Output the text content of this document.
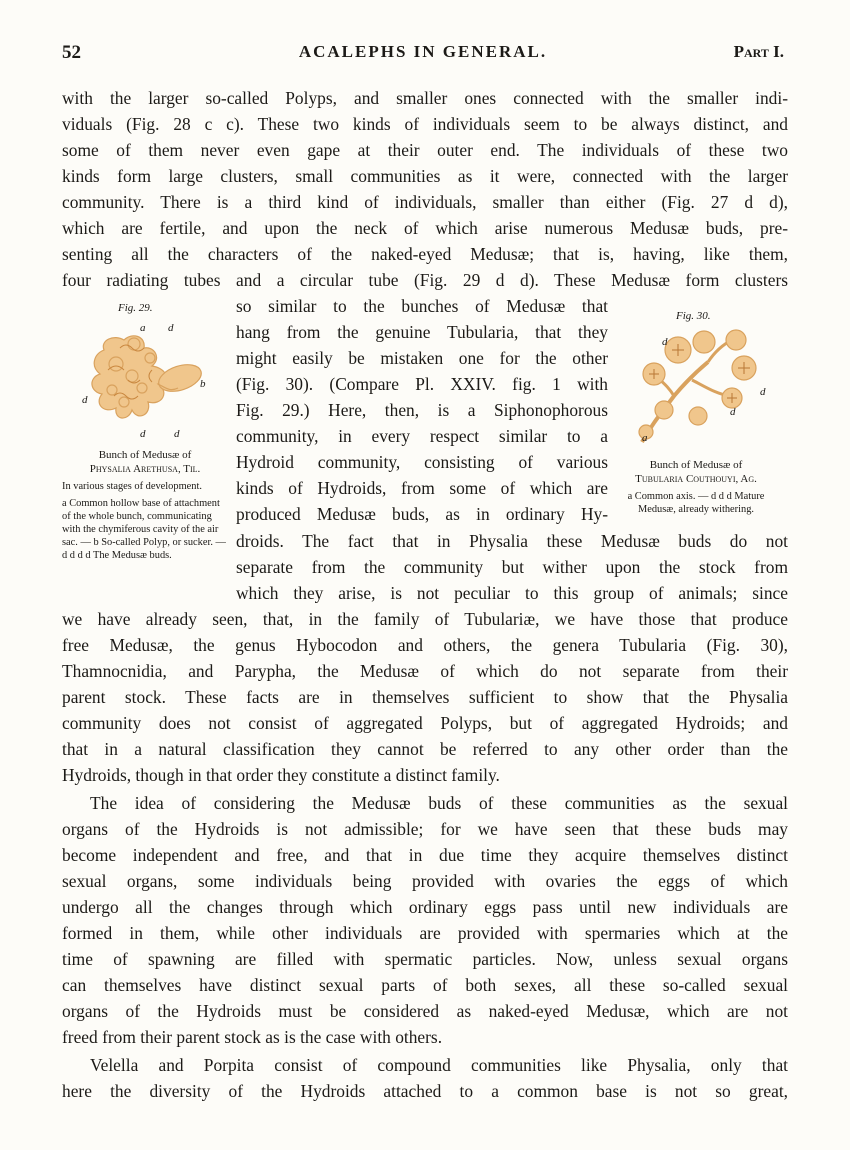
52	ACALEPHS IN GENERAL.	Part I.
with the larger so-called Polyps, and smaller ones connected with the smaller indi-
viduals (Fig. 28 c c). These two kinds of individuals seem to be always distinct, and
some of them never even gape at their outer end. The individuals of these two
kinds form large clusters, small communities as it were, connected with the larger
community. There is a third kind of individuals, smaller than either (Fig. 27 d d),
which are fertile, and upon the neck of which arise numerous Medusæ buds, pre-
senting all the characters of the naked-eyed Medusæ; that is, having, like them,
four radiating tubes and a circular tube (Fig. 29 d d). These Medusæ form clusters
so similar to the bunches of Medusæ that
hang from the genuine Tubularia, that they
might easily be mistaken one for the other
(Fig. 30). (Compare Pl. XXIV. fig. 1 with
Fig. 29.) Here, then, is a Siphonophorous
community, in every respect similar to a
Hydroid community, consisting of various
kinds of Hydroids, from some of which are
produced Medusæ buds, as in ordinary Hy-
droids. The fact that in Physalia these Medusæ buds do not
separate from the community but wither upon the stock from
which they arise, is not peculiar to this group of animals; since
we have already seen, that, in the family of Tubulariæ, we have those that produce
free Medusæ, the genus Hybocodon and others, the genera Tubularia (Fig. 30),
Thamnocnidia, and Parypha, the Medusæ of which do not separate from their
parent stock. These facts are in themselves sufficient to show that the Physalia
community does not consist of aggregated Polyps, but of aggregated Hydroids; and
that in a natural classification they cannot be referred to any other order than the
Hydroids, though in that order they constitute a distinct family.
The idea of considering the Medusæ buds of these communities as the sexual
organs of the Hydroids is not admissible; for we have seen that these buds may
become independent and free, and that in due time they acquire themselves distinct
sexual organs, some individuals being provided with ovaries the eggs of which
undergo all the changes through which ordinary eggs pass until new individuals are
formed in them, while other individuals are provided with spermaries which at the
time of spawning are filled with spermatic particles. Now, unless sexual organs
can themselves have distinct sexual parts of both sexes, all these so-called sexual
organs of the Hydroids must be considered as naked-eyed Medusæ, which are not
freed from their parent stock as is the case with others.
Velella and Porpita consist of compound communities like Physalia, only that
here the diversity of the Hydroids attached to a common base is not so great,
Fig. 29.
a d
b
d
d	d
Bunch of Medusæ of
Physalia Arethusa, Til.
In various stages of development.
a Common hollow base of attachment of the whole bunch, communicating with the chymiferous cavity of the air sac. — b So-called Polyp, or sucker. — d d d d The Medusæ buds.
Fig. 30.
d
d
d
a
Bunch of Medusæ of
Tubularia Couthouyi, Ag.
a Common axis. — d d d Mature Medusæ, already withering.
